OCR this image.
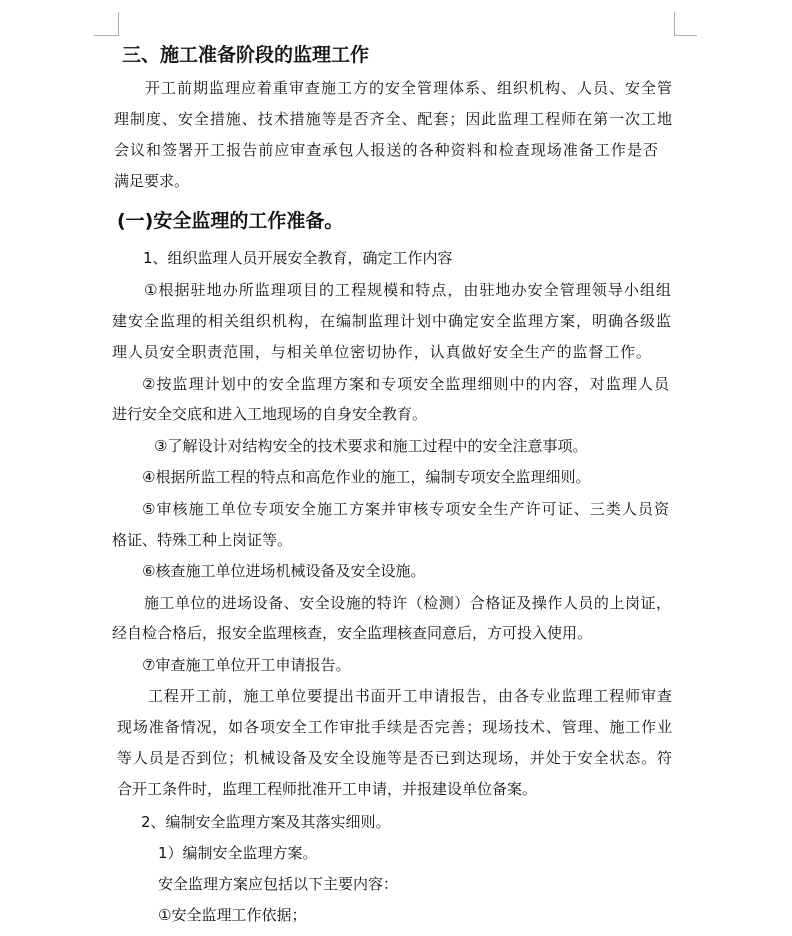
三、施工准备阶段的监理工作
开工前期监理应着重审查施工方的安全管理体系、组织机构、人员、安全管
理制度、安全措施、技术措施等是否齐全、配套；因此监理工程师在第一次工地
会议和签署开工报告前应审查承包人报送的各种资料和检查现场准备工作是否
满足要求。
(一)安全监理的工作准备。
1、组织监理人员开展安全教育，确定工作内容
①根据驻地办所监理项目的工程规模和特点，由驻地办安全管理领导小组组
建安全监理的相关组织机构，在编制监理计划中确定安全监理方案，明确各级监
理人员安全职责范围，与相关单位密切协作，认真做好安全生产的监督工作。
②按监理计划中的安全监理方案和专项安全监理细则中的内容，对监理人员
进行安全交底和进入工地现场的自身安全教育。
③了解设计对结构安全的技术要求和施工过程中的安全注意事项。
④根据所监工程的特点和高危作业的施工，编制专项安全监理细则。
⑤审核施工单位专项安全施工方案并审核专项安全生产许可证、三类人员资
格证、特殊工种上岗证等。
⑥核查施工单位进场机械设备及安全设施。
施工单位的进场设备、安全设施的特许（检测）合格证及操作人员的上岗证，
经自检合格后，报安全监理核查，安全监理核查同意后，方可投入使用。
⑦审查施工单位开工申请报告。
工程开工前，施工单位要提出书面开工申请报告，由各专业监理工程师审查
现场准备情况，如各项安全工作审批手续是否完善；现场技术、管理、施工作业
等人员是否到位；机械设备及安全设施等是否已到达现场，并处于安全状态。符
合开工条件时，监理工程师批准开工申请，并报建设单位备案。
2、编制安全监理方案及其落实细则。
1）编制安全监理方案。
安全监理方案应包括以下主要内容：
①安全监理工作依据；
